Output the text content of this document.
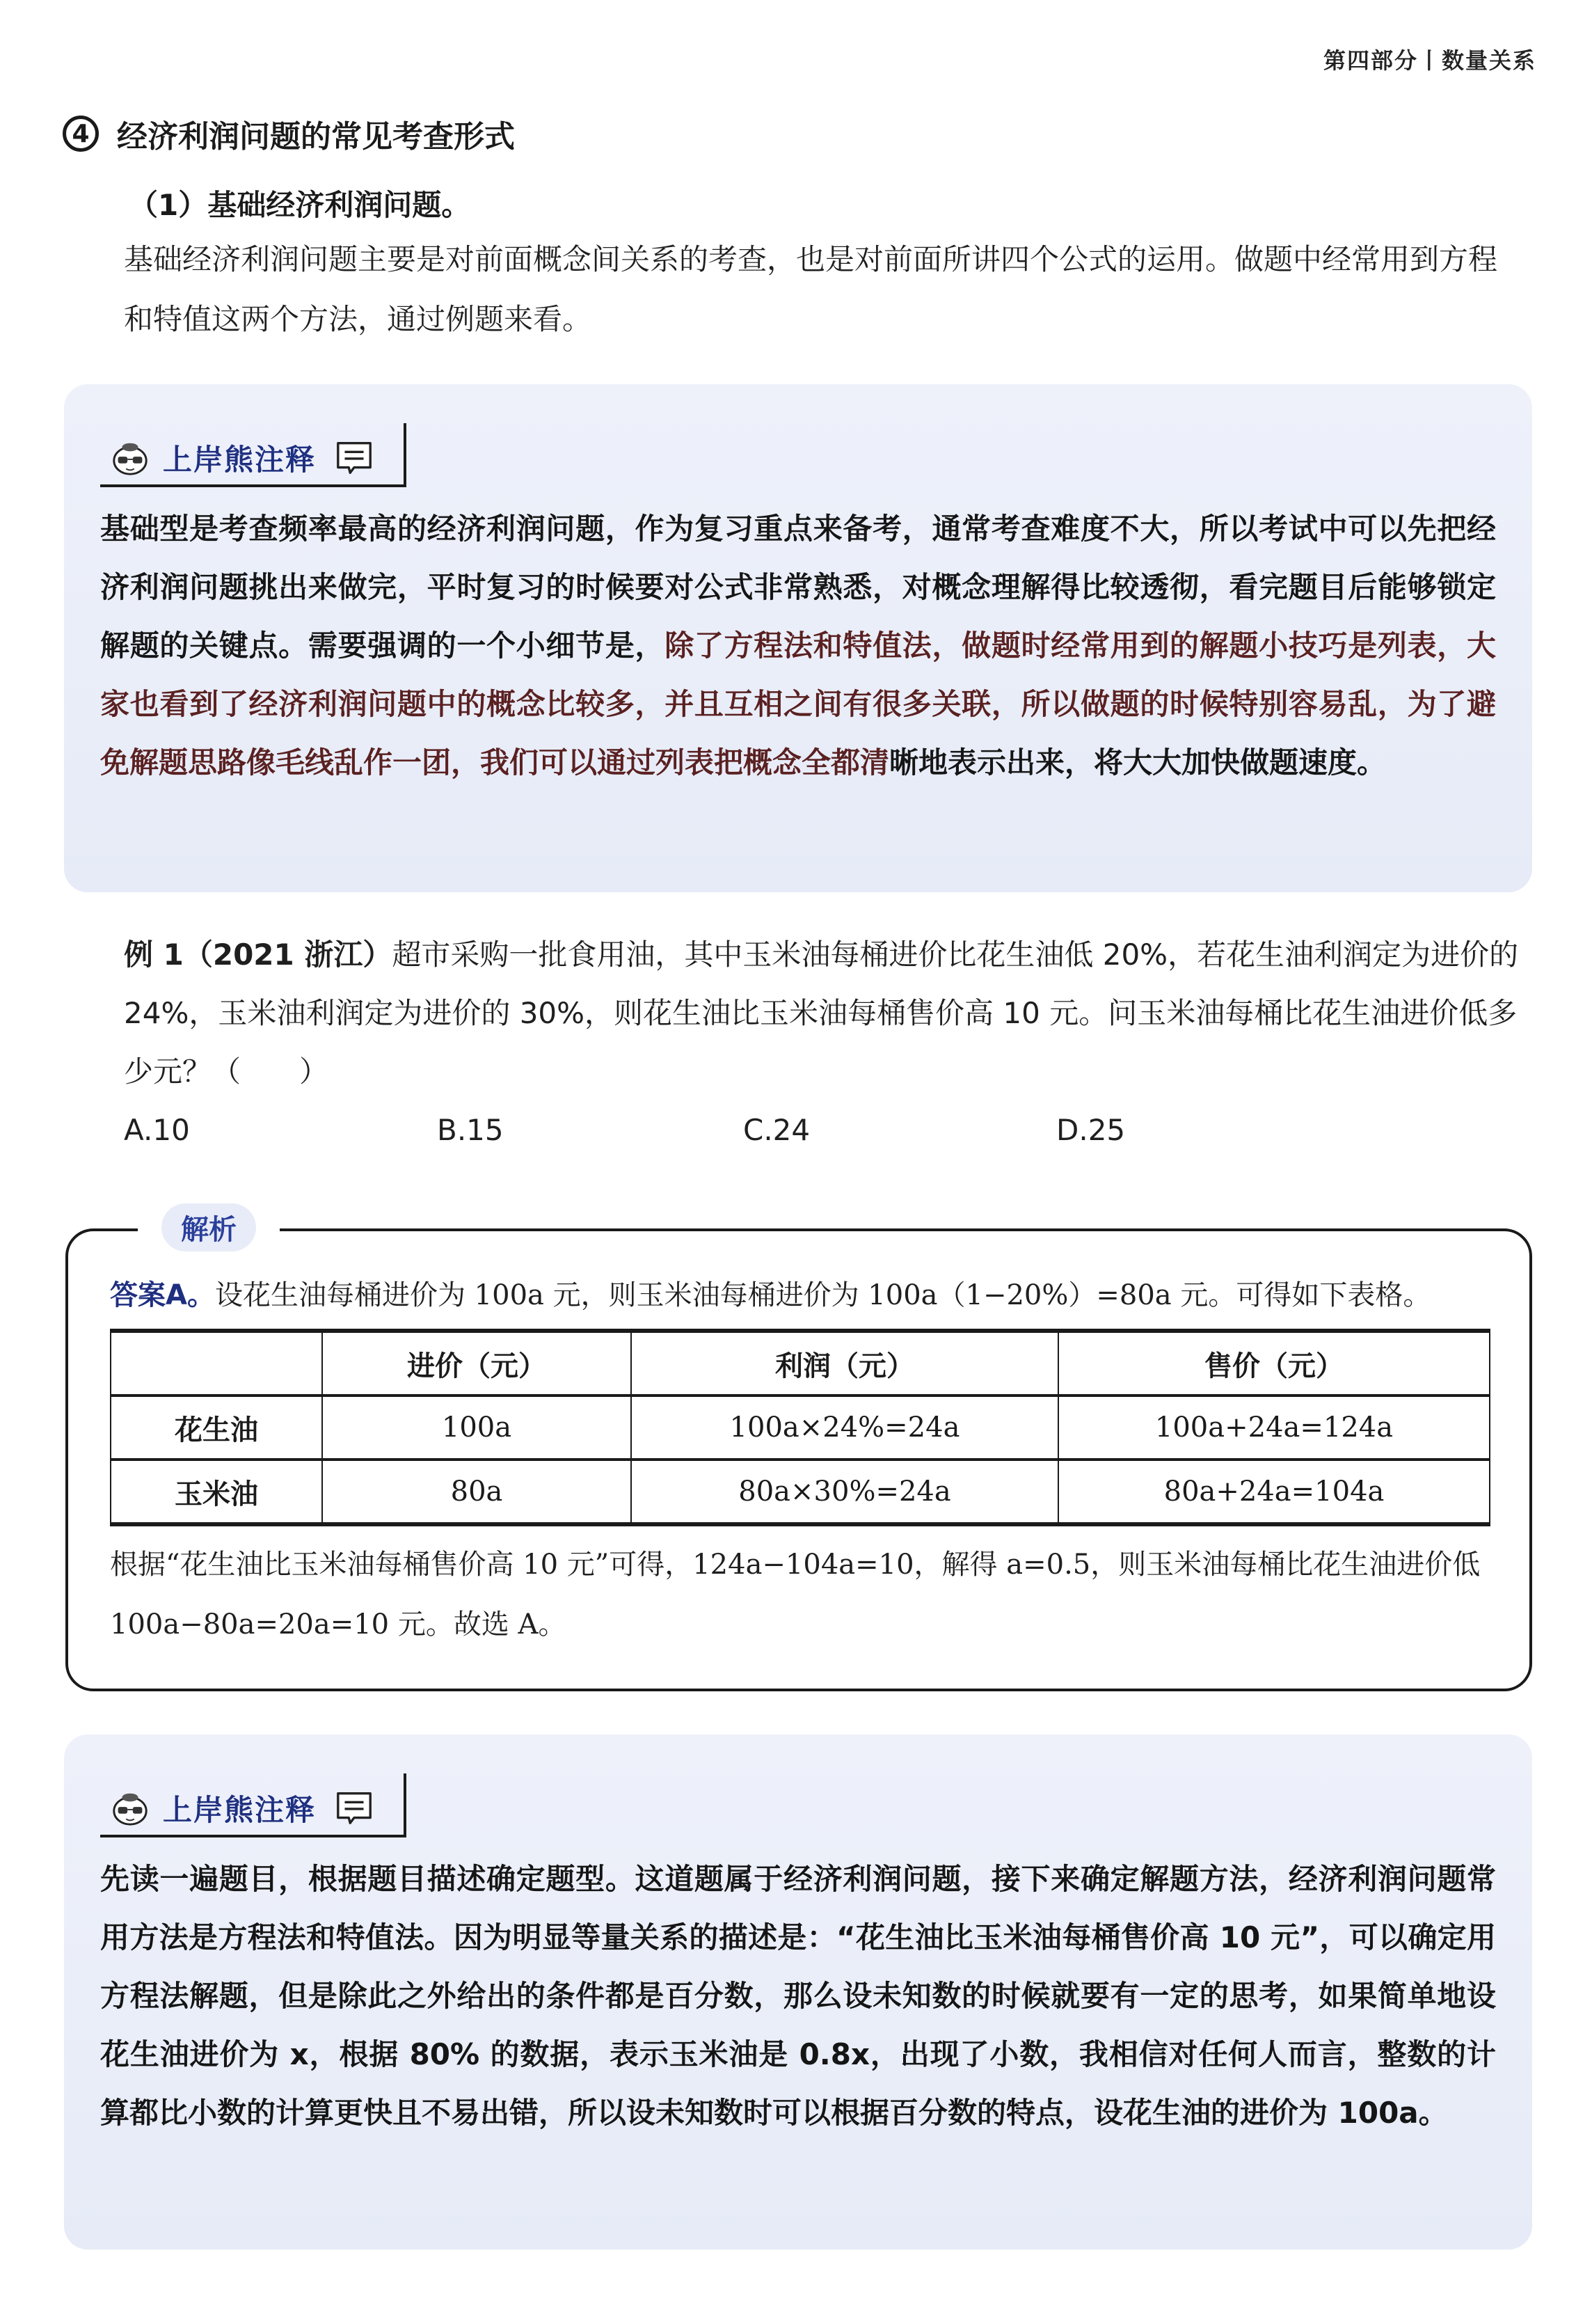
第四部分丨数量关系
4 经济利润问题的常见考查形式
（1）基础经济利润问题。
基础经济利润问题主要是对前面概念间关系的考查，也是对前面所讲四个公式的运用。做题中经常用到方程和特值这两个方法，通过例题来看。
上岸熊注释
基础型是考查频率最高的经济利润问题，作为复习重点来备考，通常考查难度不大，所以考试中可以先把经济利润问题挑出来做完，平时复习的时候要对公式非常熟悉，对概念理解得比较透彻，看完题目后能够锁定解题的关键点。需要强调的一个小细节是，除了方程法和特值法，做题时经常用到的解题小技巧是列表，大家也看到了经济利润问题中的概念比较多，并且互相之间有很多关联，所以做题的时候特别容易乱，为了避免解题思路像毛线乱作一团，我们可以通过列表把概念全都清晰地表示出来，将大大加快做题速度。
例 1（2021 浙江）超市采购一批食用油，其中玉米油每桶进价比花生油低 20%，若花生油利润定为进价的 24%，玉米油利润定为进价的 30%，则花生油比玉米油每桶售价高 10 元。问玉米油每桶比花生油进价低多少元？（　　）
A.10	B.15	C.24	D.25
解析
答案A。设花生油每桶进价为 100a 元，则玉米油每桶进价为 100a（1−20%）=80a 元。可得如下表格。
	进价（元）	利润（元）	售价（元）
花生油	100a	100a×24%=24a	100a+24a=124a
玉米油	80a	80a×30%=24a	80a+24a=104a
根据“花生油比玉米油每桶售价高 10 元”可得，124a−104a=10，解得 a=0.5，则玉米油每桶比花生油进价低 100a−80a=20a=10 元。故选 A。
上岸熊注释
先读一遍题目，根据题目描述确定题型。这道题属于经济利润问题，接下来确定解题方法，经济利润问题常用方法是方程法和特值法。因为明显等量关系的描述是：“花生油比玉米油每桶售价高 10 元”，可以确定用方程法解题，但是除此之外给出的条件都是百分数，那么设未知数的时候就要有一定的思考，如果简单地设花生油进价为 x，根据 80% 的数据，表示玉米油是 0.8x，出现了小数，我相信对任何人而言，整数的计算都比小数的计算更快且不易出错，所以设未知数时可以根据百分数的特点，设花生油的进价为 100a。
